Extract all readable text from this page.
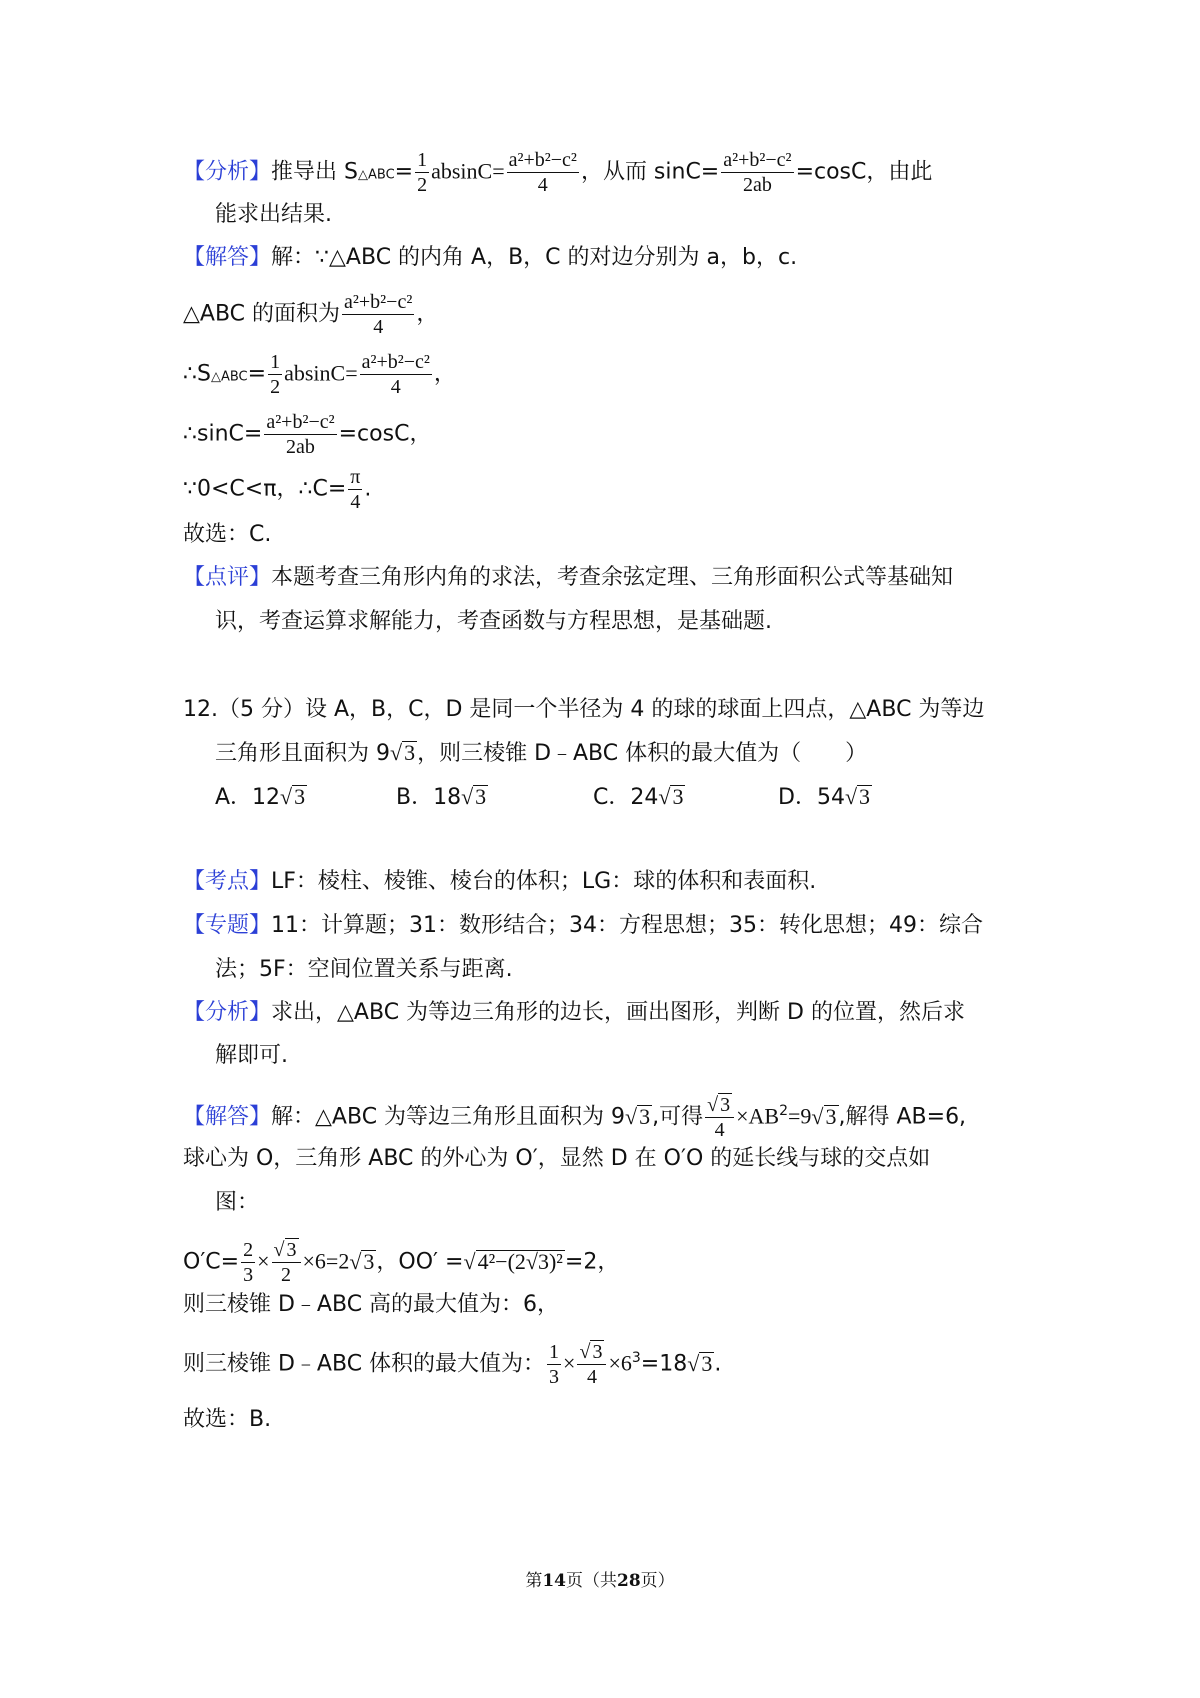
【分析】推导出 S△ABC= $\frac{1}{2} absinC= \frac{\text{a²+b²−c²}}{4}$ ，从而 $\sin C= \frac{\text{a²+b²−c²}}{2ab} =\cos C$，由此
能求出结果.
【解答】解：∵△ABC 的内角 A，B，C 的对边分别为 a，b，c.
△ABC 的面积为 $\frac{\text{a²+b²−c²}}{4}$ ，
∴S△ABC= $\frac{1}{2} absinC= \frac{\text{a²+b²−c²}}{4}$ ，
∴sinC= $\frac{\text{a²+b²−c²}}{2ab} =\cos C$，
∵0<C<π，∴C= $\frac{\pi}{4}$ .
故选：C.
【点评】本题考查三角形内角的求法，考查余弦定理、三角形面积公式等基础知
识，考查运算求解能力，考查函数与方程思想，是基础题.
12.（5 分）设 A，B，C，D 是同一个半径为 4 的球的球面上四点，△ABC 为等边
三角形且面积为 9√3，则三棱锥 D﹣ABC 体积的最大值为（　　）
A．12√3	B．18√3	C．24√3	D．54√3
【考点】LF：棱柱、棱锥、棱台的体积；LG：球的体积和表面积.
【专题】11：计算题；31：数形结合；34：方程思想；35：转化思想；49：综合
法；5F：空间位置关系与距离.
【分析】求出，△ABC 为等边三角形的边长，画出图形，判断 D 的位置，然后求
解即可.
【解答】解：△ABC 为等边三角形且面积为 9√3,可得 $\frac{√ 3}{4} \times AB^2=9√3$,解得 AB=6,
球心为 O，三角形 ABC 的外心为 O′，显然 D 在 O′O 的延长线与球的交点如
图：
$O'C= \frac{2}{3} \times \frac{√ 3}{2} \times 6=2√3$，OO′ =√4²−(2√3)²=2，
则三棱锥 D﹣ABC 高的最大值为：6，
则三棱锥 D﹣ABC 体积的最大值为： $\frac{1}{3} \times \frac{√ 3}{4} \times 6^3=18√3$.
故选：B.
第14页（共28页）
